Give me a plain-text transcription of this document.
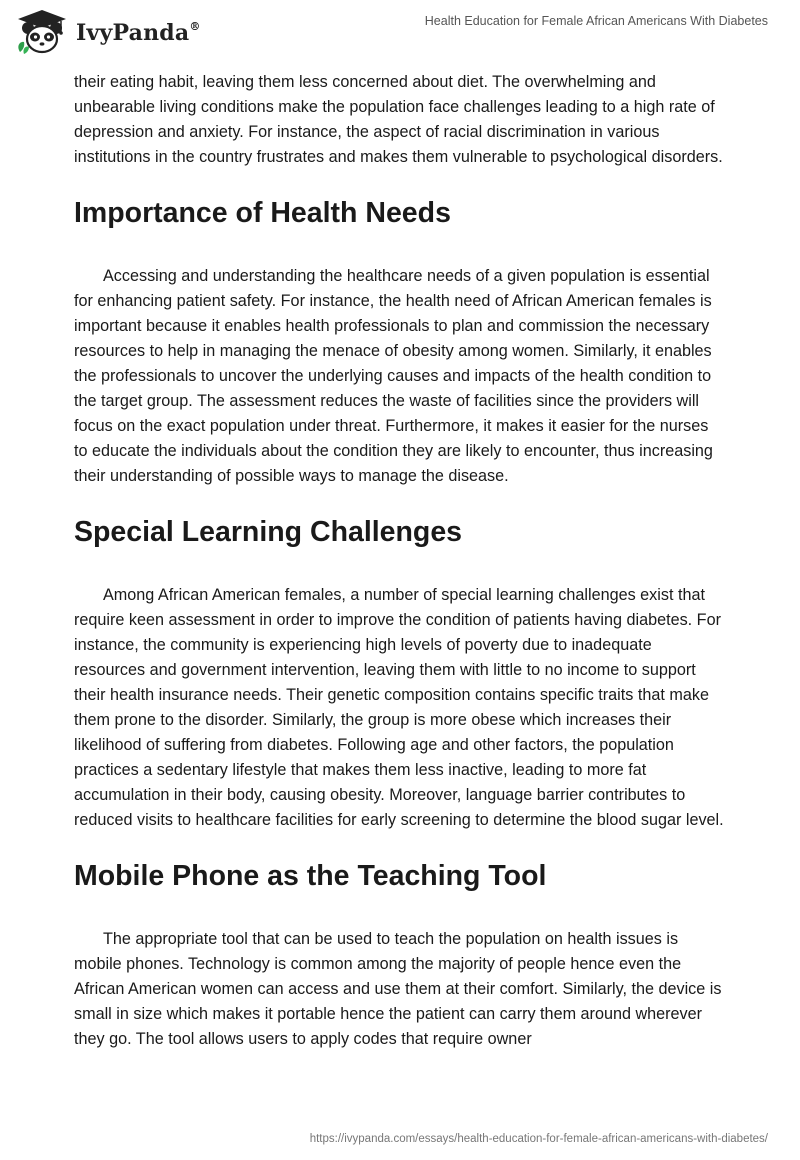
IvyPanda®	Health Education for Female African Americans With Diabetes

their eating habit, leaving them less concerned about diet. The overwhelming and unbearable living conditions make the population face challenges leading to a high rate of depression and anxiety. For instance, the aspect of racial discrimination in various institutions in the country frustrates and makes them vulnerable to psychological disorders.

Importance of Health Needs

Accessing and understanding the healthcare needs of a given population is essential for enhancing patient safety. For instance, the health need of African American females is important because it enables health professionals to plan and commission the necessary resources to help in managing the menace of obesity among women. Similarly, it enables the professionals to uncover the underlying causes and impacts of the health condition to the target group. The assessment reduces the waste of facilities since the providers will focus on the exact population under threat. Furthermore, it makes it easier for the nurses to educate the individuals about the condition they are likely to encounter, thus increasing their understanding of possible ways to manage the disease.

Special Learning Challenges

Among African American females, a number of special learning challenges exist that require keen assessment in order to improve the condition of patients having diabetes. For instance, the community is experiencing high levels of poverty due to inadequate resources and government intervention, leaving them with little to no income to support their health insurance needs. Their genetic composition contains specific traits that make them prone to the disorder. Similarly, the group is more obese which increases their likelihood of suffering from diabetes. Following age and other factors, the population practices a sedentary lifestyle that makes them less inactive, leading to more fat accumulation in their body, causing obesity. Moreover, language barrier contributes to reduced visits to healthcare facilities for early screening to determine the blood sugar level.

Mobile Phone as the Teaching Tool

The appropriate tool that can be used to teach the population on health issues is mobile phones. Technology is common among the majority of people hence even the African American women can access and use them at their comfort. Similarly, the device is small in size which makes it portable hence the patient can carry them around wherever they go. The tool allows users to apply codes that require owner

https://ivypanda.com/essays/health-education-for-female-african-americans-with-diabetes/
